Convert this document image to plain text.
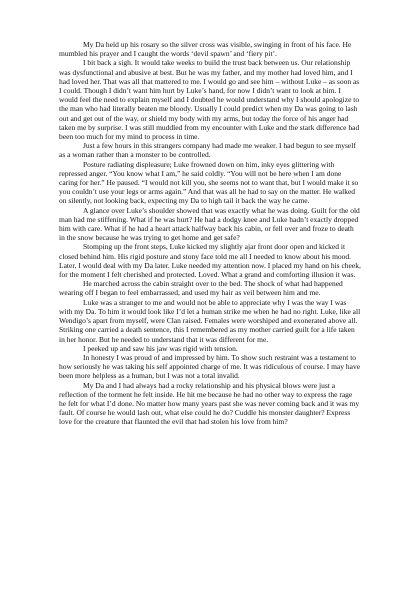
My Da held up his rosary so the silver cross was visible, swinging in front of his face. He mumbled his prayer and I caught the words ‘devil spawn’ and ‘fiery pit’.

I bit back a sigh. It would take weeks to build the trust back between us. Our relationship was dysfunctional and abusive at best. But he was my father, and my mother had loved him, and I had loved her. That was all that mattered to me. I would go and see him – without Luke – as soon as I could. Though I didn’t want him hurt by Luke’s hand, for now I didn’t want to look at him. I would feel the need to explain myself and I doubted he would understand why I should apologize to the man who had literally beaten me bloody. Usually I could predict when my Da was going to lash out and get out of the way, or shield my body with my arms, but today the force of his anger had taken me by surprise. I was still muddled from my encounter with Luke and the stark difference had been too much for my mind to process in time.

Just a few hours in this strangers company had made me weaker. I had begun to see myself as a woman rather than a monster to be controlled.

Posture radiating displeasure; Luke frowned down on him, inky eyes glittering with repressed anger. “You know what I am,” he said coldly. “You will not be here when I am done caring for her.” He paused. “I would not kill you, she seems not to want that, but I would make it so you couldn’t use your legs or arms again.” And that was all he had to say on the matter. He walked on silently, not looking back, expecting my Da to high tail it back the way he came.

A glance over Luke’s shoulder showed that was exactly what he was doing. Guilt for the old man had me stiffening. What if he was hurt? He had a dodgy knee and Luke hadn’t exactly dropped him with care. What if he had a heart attack halfway back his cabin, or fell over and froze to death in the snow because he was trying to get home and get safe?

Stomping up the front steps, Luke kicked my slightly ajar front door open and kicked it closed behind him. His rigid posture and stony face told me all I needed to know about his mood. Later, I would deal with my Da later. Luke needed my attention now. I placed my hand on his cheek, for the moment I felt cherished and protected. Loved. What a grand and comforting illusion it was.

He marched across the cabin straight over to the bed. The shock of what had happened wearing off I began to feel embarrassed, and used my hair as veil between him and me.

Luke was a stranger to me and would not be able to appreciate why I was the way I was with my Da. To him it would look like I’d let a human strike me when he had no right. Luke, like all Wendigo’s apart from myself, were Clan raised. Females were worshiped and exonerated above all. Striking one carried a death sentence, this I remembered as my mother carried guilt for a life taken in her honor. But he needed to understand that it was different for me.

I peeked up and saw his jaw was rigid with tension.

In honesty I was proud of and impressed by him. To show such restraint was a testament to how seriously he was taking his self appointed charge of me. It was ridiculous of course. I may have been more helpless as a human, but I was not a total invalid.

My Da and I had always had a rocky relationship and his physical blows were just a reflection of the torment he felt inside. He hit me because he had no other way to express the rage he felt for what I’d done. No matter how many years past she was never coming back and it was my fault. Of course he would lash out, what else could he do? Cuddle his monster daughter? Express love for the creature that flaunted the evil that had stolen his love from him?
